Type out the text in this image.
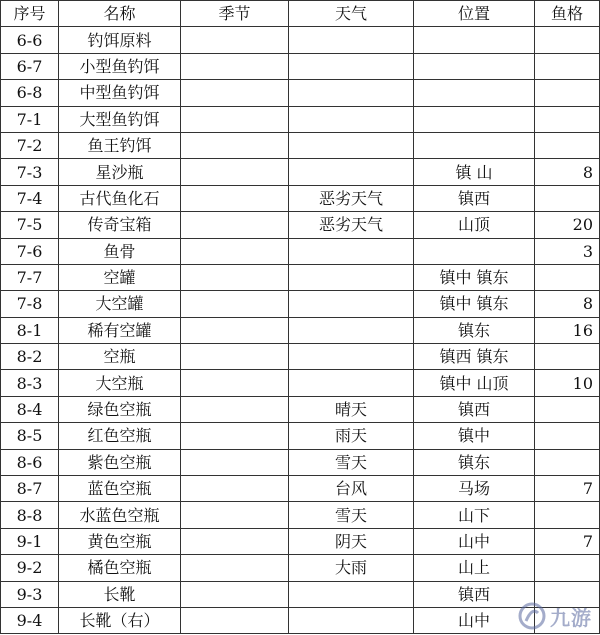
序号	名称	季节	天气	位置	鱼格
6-6	钓饵原料				
6-7	小型鱼钓饵				
6-8	中型鱼钓饵				
7-1	大型鱼钓饵				
7-2	鱼王钓饵				
7-3	星沙瓶			镇 山	8
7-4	古代鱼化石		恶劣天气	镇西	
7-5	传奇宝箱		恶劣天气	山顶	20
7-6	鱼骨				3
7-7	空罐			镇中 镇东	
7-8	大空罐			镇中 镇东	8
8-1	稀有空罐			镇东	16
8-2	空瓶			镇西 镇东	
8-3	大空瓶			镇中 山顶	10
8-4	绿色空瓶		晴天	镇西	
8-5	红色空瓶		雨天	镇中	
8-6	紫色空瓶		雪天	镇东	
8-7	蓝色空瓶		台风	马场	7
8-8	水蓝色空瓶		雪天	山下	
9-1	黄色空瓶		阴天	山中	7
9-2	橘色空瓶		大雨	山上	
9-3	长靴			镇西	
9-4	长靴（右）			山中		九游
